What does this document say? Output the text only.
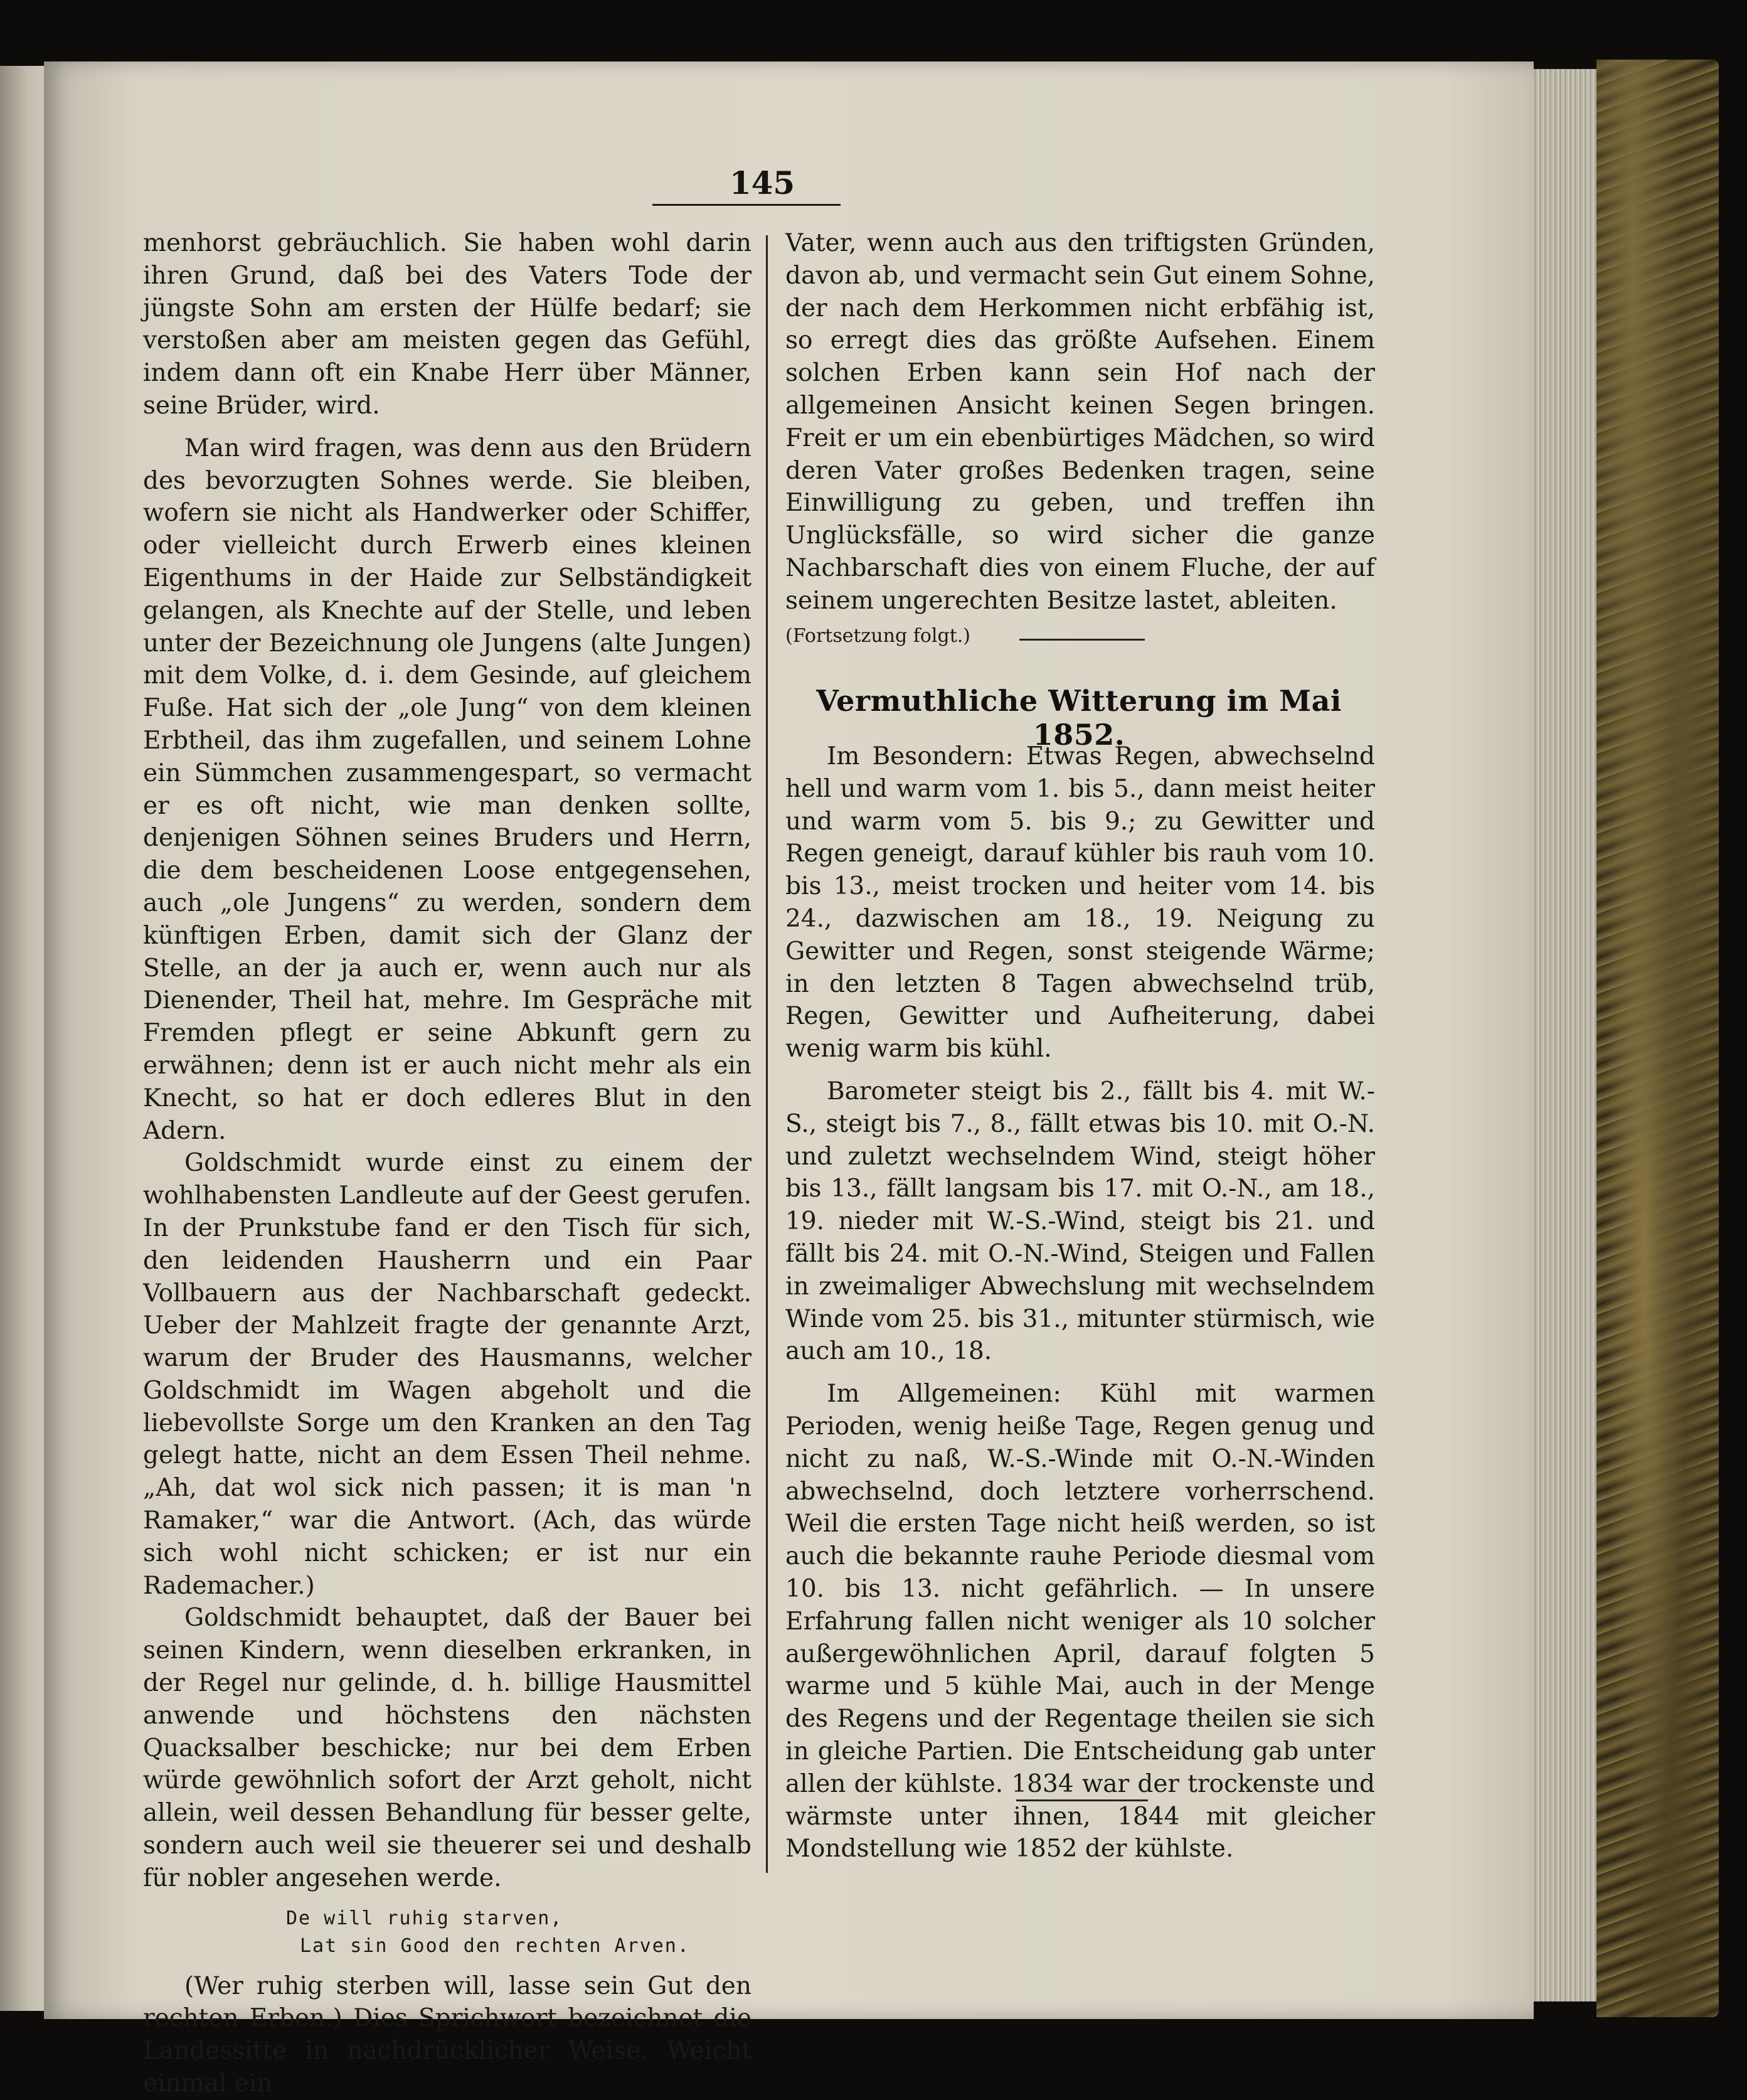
145

menhorst gebräuchlich. Sie haben wohl darin ihren Grund, daß bei des Vaters Tode der jüngste Sohn am ersten der Hülfe bedarf; sie verstoßen aber am meisten gegen das Gefühl, indem dann oft ein Knabe Herr über Männer, seine Brüder, wird.

Man wird fragen, was denn aus den Brüdern des bevorzugten Sohnes werde. Sie bleiben, wofern sie nicht als Handwerker oder Schiffer, oder vielleicht durch Erwerb eines kleinen Eigenthums in der Haide zur Selbständigkeit gelangen, als Knechte auf der Stelle, und leben unter der Bezeichnung ole Jungens (alte Jungen) mit dem Volke, d. i. dem Gesinde, auf gleichem Fuße. Hat sich der „ole Jung“ von dem kleinen Erbtheil, das ihm zugefallen, und seinem Lohne ein Sümmchen zusammengespart, so vermacht er es oft nicht, wie man denken sollte, denjenigen Söhnen seines Bruders und Herrn, die dem bescheidenen Loose entgegensehen, auch „ole Jungens“ zu werden, sondern dem künftigen Erben, damit sich der Glanz der Stelle, an der ja auch er, wenn auch nur als Dienender, Theil hat, mehre. Im Gespräche mit Fremden pflegt er seine Abkunft gern zu erwähnen; denn ist er auch nicht mehr als ein Knecht, so hat er doch edleres Blut in den Adern.

Goldschmidt wurde einst zu einem der wohlhabensten Landleute auf der Geest gerufen. In der Prunkstube fand er den Tisch für sich, den leidenden Hausherrn und ein Paar Vollbauern aus der Nachbarschaft gedeckt. Ueber der Mahlzeit fragte der genannte Arzt, warum der Bruder des Hausmanns, welcher Goldschmidt im Wagen abgeholt und die liebevollste Sorge um den Kranken an den Tag gelegt hatte, nicht an dem Essen Theil nehme. „Ah, dat wol sick nich passen; it is man 'n Ramaker,“ war die Antwort. (Ach, das würde sich wohl nicht schicken; er ist nur ein Rademacher.)

Goldschmidt behauptet, daß der Bauer bei seinen Kindern, wenn dieselben erkranken, in der Regel nur gelinde, d. h. billige Hausmittel anwende und höchstens den nächsten Quacksalber beschicke; nur bei dem Erben würde gewöhnlich sofort der Arzt geholt, nicht allein, weil dessen Behandlung für besser gelte, sondern auch weil sie theuerer sei und deshalb für nobler angesehen werde.

De will ruhig starven,
Lat sin Good den rechten Arven.

(Wer ruhig sterben will, lasse sein Gut den rechten Erben.) Dies Sprichwort bezeichnet die Landessitte in nachdrücklicher Weise. Weicht einmal ein

Vater, wenn auch aus den triftigsten Gründen, davon ab, und vermacht sein Gut einem Sohne, der nach dem Herkommen nicht erbfähig ist, so erregt dies das größte Aufsehen. Einem solchen Erben kann sein Hof nach der allgemeinen Ansicht keinen Segen bringen. Freit er um ein ebenbürtiges Mädchen, so wird deren Vater großes Bedenken tragen, seine Einwilligung zu geben, und treffen ihn Unglücksfälle, so wird sicher die ganze Nachbarschaft dies von einem Fluche, der auf seinem ungerechten Besitze lastet, ableiten.

(Fortsetzung folgt.)

Vermuthliche Witterung im Mai 1852.

Im Besondern: Etwas Regen, abwechselnd hell und warm vom 1. bis 5., dann meist heiter und warm vom 5. bis 9.; zu Gewitter und Regen geneigt, darauf kühler bis rauh vom 10. bis 13., meist trocken und heiter vom 14. bis 24., dazwischen am 18., 19. Neigung zu Gewitter und Regen, sonst steigende Wärme; in den letzten 8 Tagen abwechselnd trüb, Regen, Gewitter und Aufheiterung, dabei wenig warm bis kühl.

Barometer steigt bis 2., fällt bis 4. mit W.-S., steigt bis 7., 8., fällt etwas bis 10. mit O.-N. und zuletzt wechselndem Wind, steigt höher bis 13., fällt langsam bis 17. mit O.-N., am 18., 19. nieder mit W.-S.-Wind, steigt bis 21. und fällt bis 24. mit O.-N.-Wind, Steigen und Fallen in zweimaliger Abwechslung mit wechselndem Winde vom 25. bis 31., mitunter stürmisch, wie auch am 10., 18.

Im Allgemeinen: Kühl mit warmen Perioden, wenig heiße Tage, Regen genug und nicht zu naß, W.-S.-Winde mit O.-N.-Winden abwechselnd, doch letztere vorherrschend. Weil die ersten Tage nicht heiß werden, so ist auch die bekannte rauhe Periode diesmal vom 10. bis 13. nicht gefährlich. — In unsere Erfahrung fallen nicht weniger als 10 solcher außergewöhnlichen April, darauf folgten 5 warme und 5 kühle Mai, auch in der Menge des Regens und der Regentage theilen sie sich in gleiche Partien. Die Entscheidung gab unter allen der kühlste. 1834 war der trockenste und wärmste unter ihnen, 1844 mit gleicher Mondstellung wie 1852 der kühlste.
